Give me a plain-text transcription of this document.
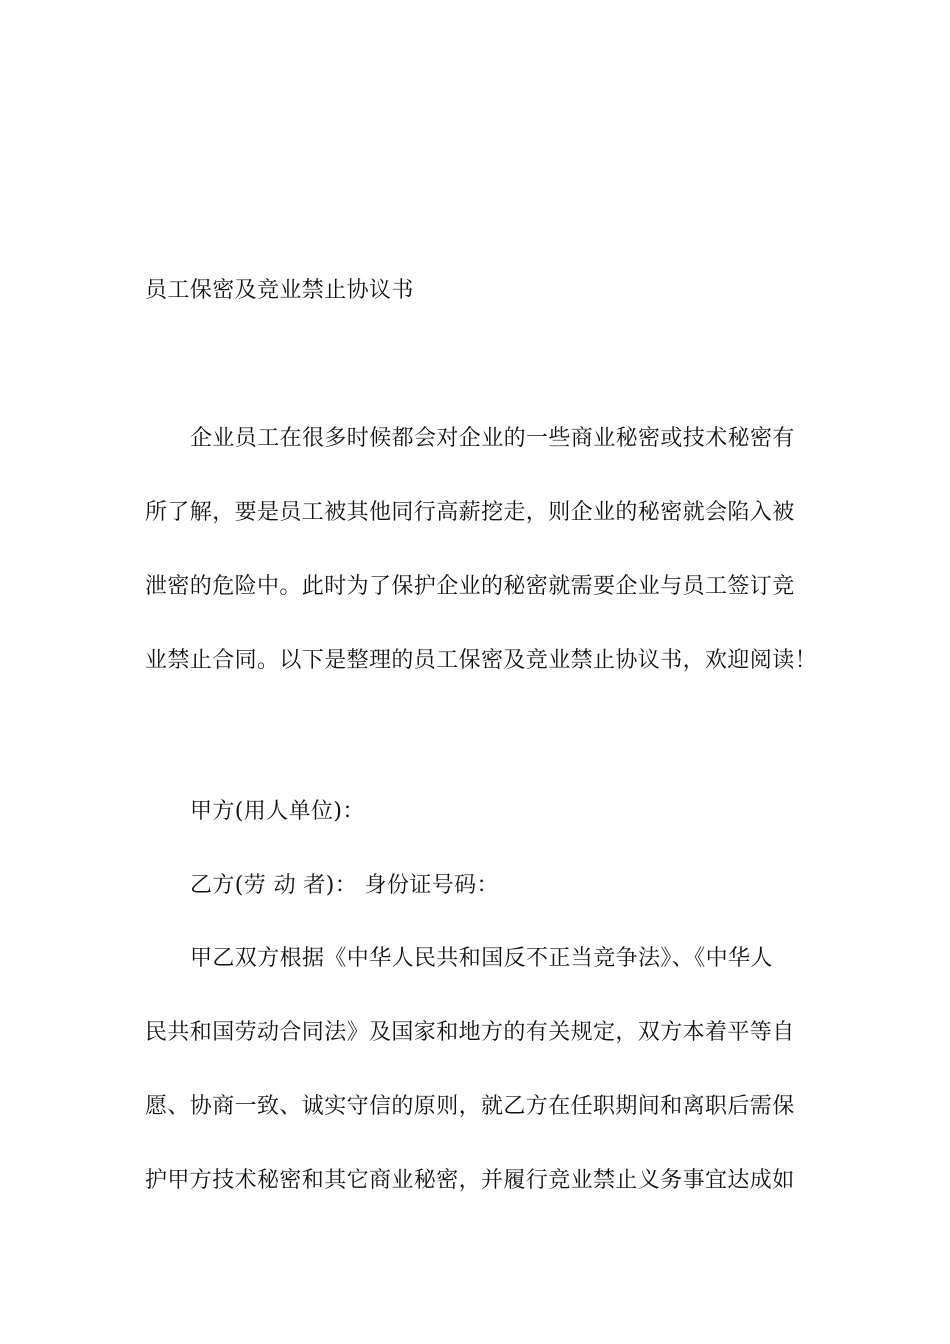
员工保密及竞业禁止协议书
企业员工在很多时候都会对企业的一些商业秘密或技术秘密有
所了解，要是员工被其他同行高薪挖走，则企业的秘密就会陷入被
泄密的危险中。此时为了保护企业的秘密就需要企业与员工签订竞
业禁止合同。以下是整理的员工保密及竞业禁止协议书，欢迎阅读！
甲方(用人单位)：
乙方(劳 动 者)： 身份证号码：
甲乙双方根据《中华人民共和国反不正当竞争法》、《中华人
民共和国劳动合同法》及国家和地方的有关规定，双方本着平等自
愿、协商一致、诚实守信的原则，就乙方在任职期间和离职后需保
护甲方技术秘密和其它商业秘密，并履行竞业禁止义务事宜达成如
